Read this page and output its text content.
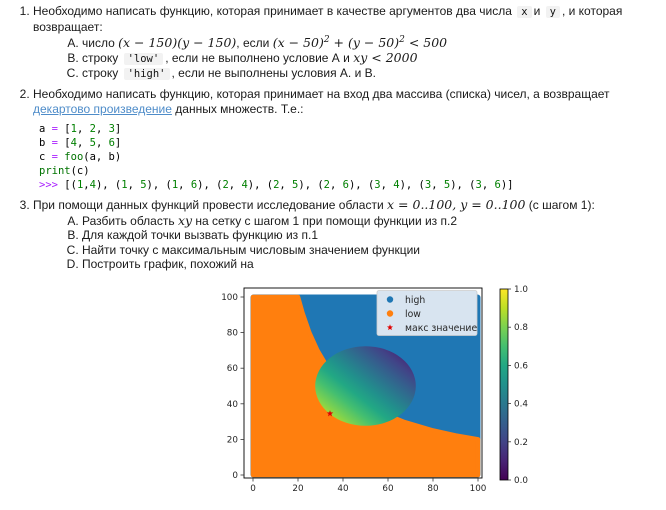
1. Необходимо написать функцию, которая принимает в качестве аргументов два числа x и y , и которая возвращает:
A. число (x − 150)(y − 150), если $(x - 50)^2 + (y - 50)^2 < 500$
B. строку 'low' , если не выполнено условие А и xy < 2000
C. строку 'high' , если не выполнены условия А. и В.
2. Необходимо написать функцию, которая принимает на вход два массива (списка) чисел, а возвращает декартово произведение данных множеств. Т.е.:
a = [1, 2, 3]
b = [4, 5, 6]
c = foo(a, b)
print(c)
>>> [(1,4), (1, 5), (1, 6), (2, 4), (2, 5), (2, 6), (3, 4), (3, 5), (3, 6)]
3. При помощи данных функций провести исследование области x = 0..100, y = 0..100 (с шагом 1):
A. Разбить область xy на сетку с шагом 1 при помощи функции из п.2
B. Для каждой точки вызвать функцию из п.1
C. Найти точку с максимальным числовым значением функции
D. Построить график, похожий на
0	20	40	60	80	100
0
20
40
60
80
100	high
low
макс значение
0.0
0.2
0.4
0.6
0.8
1.0
